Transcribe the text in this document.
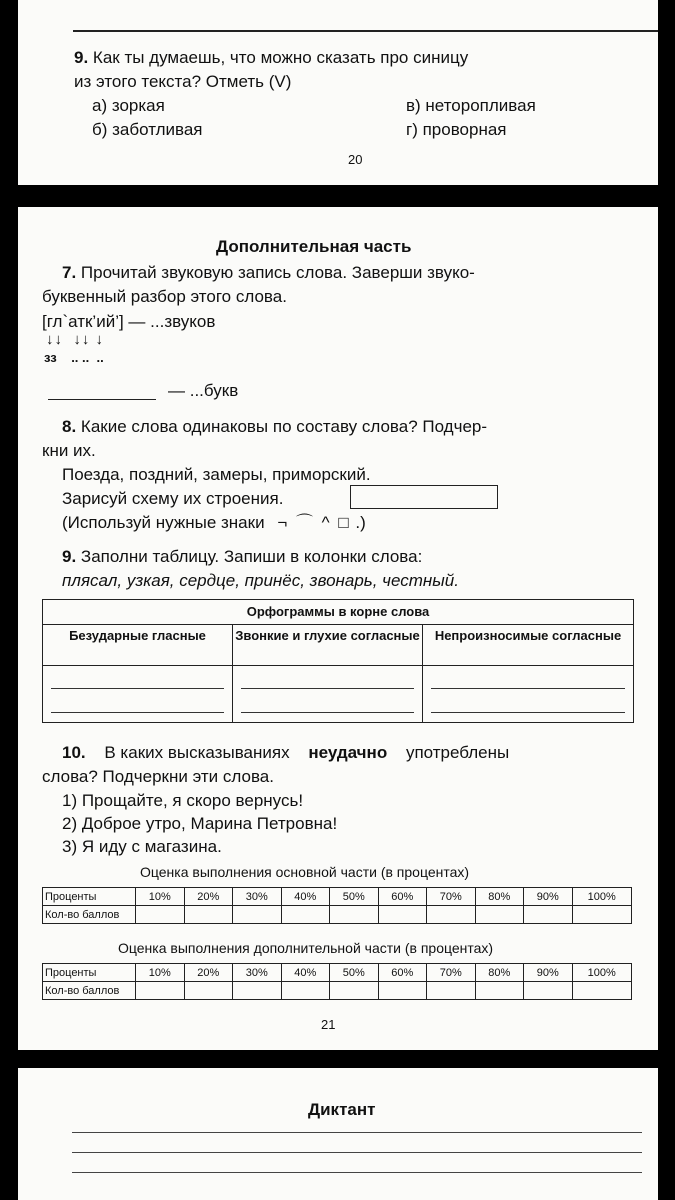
9. Как ты думаешь, что можно сказать про синицу
из этого текста? Отметь (V)
а) зоркая
б) заботливая
в) неторопливая
г) проворная
20
Дополнительная часть
7. Прочитай звуковую запись слова. Заверши звуко-
буквенный разбор этого слова.
[гл`атк’ий’] — ...звуков
↓↓  ↓↓ ↓
зз    .. ..  ..
— ...букв
8. Какие слова одинаковы по составу слова? Подчер-
кни их.
Поезда, поздний, замеры, приморский.
Зарисуй схему их строения.
(Используй нужные знаки ¬ ⌒ ^ □ .)
9. Заполни таблицу. Запиши в колонки слова:
плясал, узкая, сердце, принёс, звонарь, честный.
Орфограммы в корне слова
Безударные гласные	Звонкие и глухие согласные	Непроизносимые согласные
10. В каких высказываниях неудачно употреблены
слова? Подчеркни эти слова.
1) Прощайте, я скоро вернусь!
2) Доброе утро, Марина Петровна!
3) Я иду с магазина.
Оценка выполнения основной части (в процентах)
Проценты	10%	20%	30%	40%	50%	60%	70%	80%	90%	100%
Кол-во баллов										
Оценка выполнения дополнительной части (в процентах)
Проценты	10%	20%	30%	40%	50%	60%	70%	80%	90%	100%
Кол-во баллов										
21
Диктант
